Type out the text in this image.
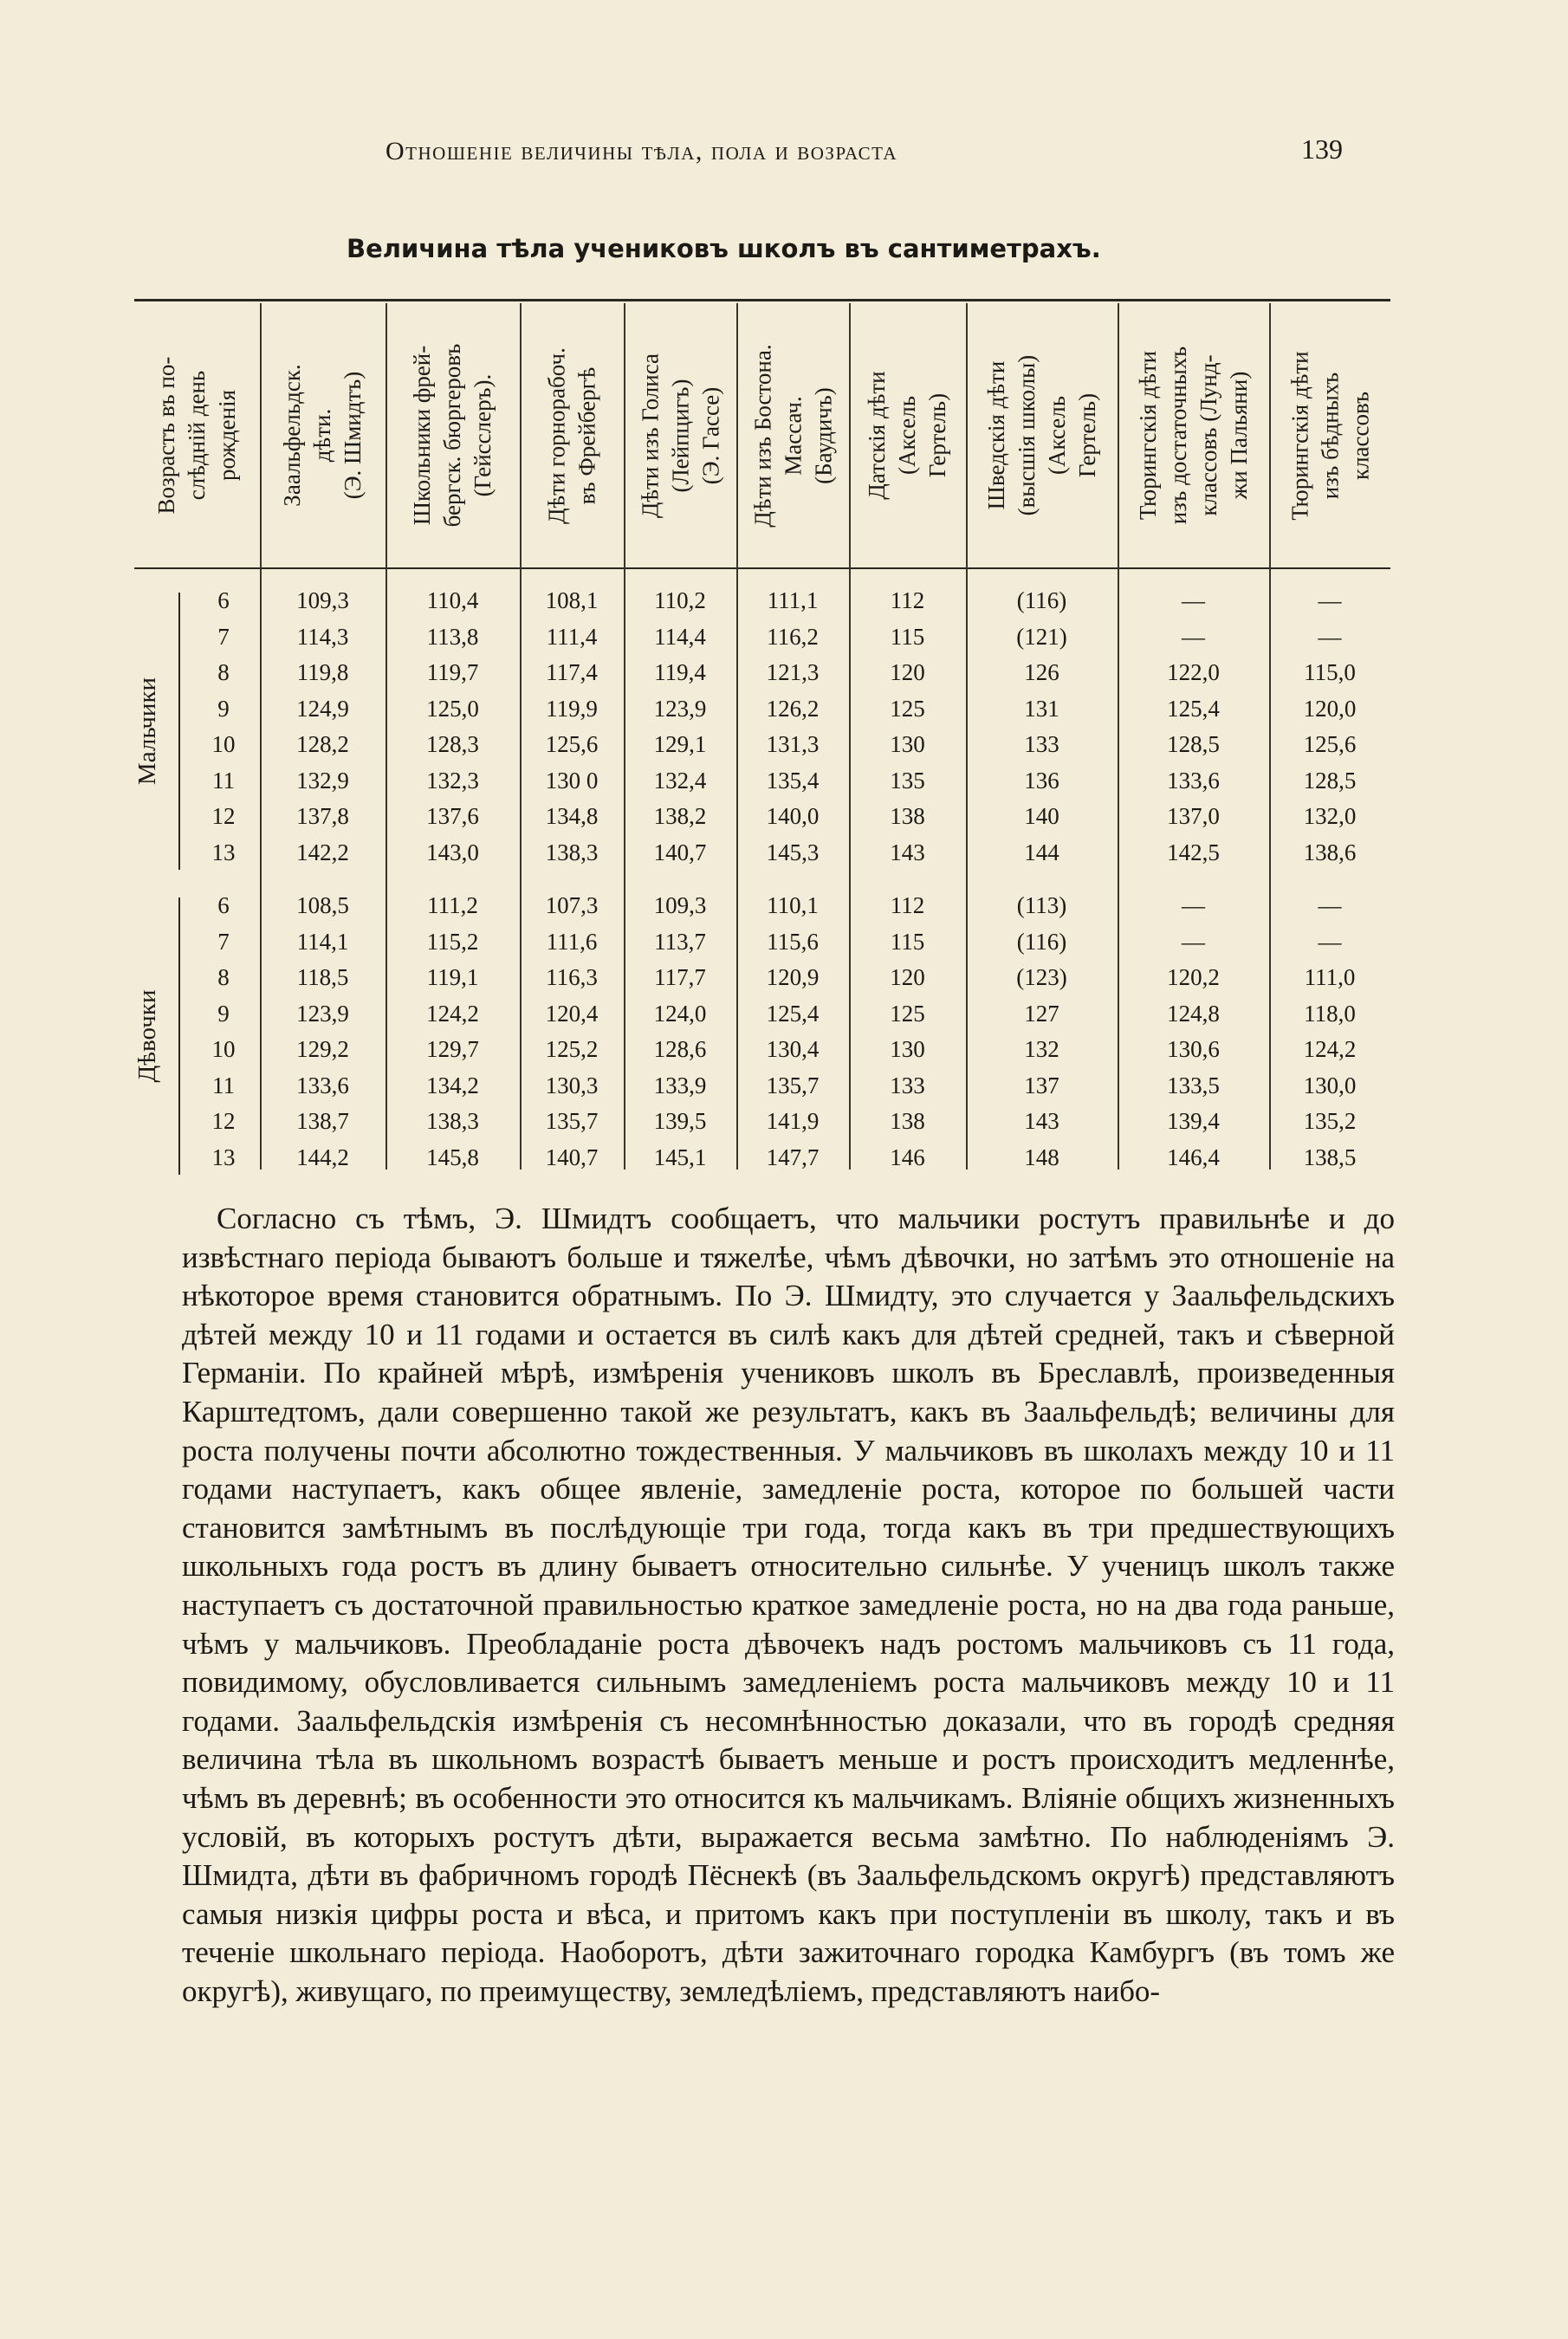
Отношеніе величины тѣла, пола и возраста	139
Величина тѣла учениковъ школъ въ сантиметрахъ.
Возрастъ въ по-
слѣдній день
рожденія	Заальфельдск.
дѣти.
(Э. Шмидтъ)	Школьники фрей-
бергск. бюргеровъ
(Гейсслеръ).
Дѣти горнорабоч.
въ Фрейбергѣ
Дѣти изъ Голиса
(Лейпцигъ)
(Э. Гассе)
Дѣти изъ Бостона.
Массач.
(Баудичъ)	Датскія дѣти
(Аксель
Гертель)	Шведскія дѣти
(высшія школы)
(Аксель
Гертель)	Тюрингскія дѣти
изъ достаточныхъ
классовъ (Лунд-
жи Пальяни)	Тюрингскія дѣти
изъ бѣдныхъ
классовъ
Мальчики
6	109,3	110,4	108,1	110,2	111,1	112	(116)	—	—
7	114,3	113,8	111,4	114,4	116,2	115	(121)	—	—
8	119,8	119,7	117,4	119,4	121,3	120	126	122,0	115,0
9	124,9	125,0	119,9	123,9	126,2	125	131	125,4	120,0
10	128,2	128,3	125,6	129,1	131,3	130	133	128,5	125,6
11	132,9	132,3	130 0	132,4	135,4	135	136	133,6	128,5
12	137,8	137,6	134,8	138,2	140,0	138	140	137,0	132,0
13	142,2	143,0	138,3	140,7	145,3	143	144	142,5	138,6
Дѣвочки
6	108,5	111,2	107,3	109,3	110,1	112	(113)	—	—
7	114,1	115,2	111,6	113,7	115,6	115	(116)	—	—
8	118,5	119,1	116,3	117,7	120,9	120	(123)	120,2	111,0
9	123,9	124,2	120,4	124,0	125,4	125	127	124,8	118,0
10	129,2	129,7	125,2	128,6	130,4	130	132	130,6	124,2
11	133,6	134,2	130,3	133,9	135,7	133	137	133,5	130,0
12	138,7	138,3	135,7	139,5	141,9	138	143	139,4	135,2
13	144,2	145,8	140,7	145,1	147,7	146	148	146,4	138,5
Согласно съ тѣмъ, Э. Шмидтъ сообщаетъ, что мальчики ростутъ правильнѣе и до извѣстнаго періода бываютъ больше и тяжелѣе, чѣмъ дѣвочки, но затѣмъ это отношеніе на нѣкоторое время становится обратнымъ. По Э. Шмидту, это случается у Заальфельдскихъ дѣтей между 10 и 11 годами и остается въ силѣ какъ для дѣтей средней, такъ и сѣверной Германіи. По крайней мѣрѣ, измѣренія учениковъ школъ въ Бреславлѣ, произведенныя Карштедтомъ, дали совершенно такой же результатъ, какъ въ Заальфельдѣ; величины для роста получены почти абсолютно тождественныя. У мальчиковъ въ школахъ между 10 и 11 годами наступаетъ, какъ общее явленіе, замедленіе роста, которое по большей части становится замѣтнымъ въ послѣдующіе три года, тогда какъ въ три предшествующихъ школьныхъ года ростъ въ длину бываетъ относительно сильнѣе. У ученицъ школъ также наступаетъ съ достаточной правильностью краткое замедленіе роста, но на два года раньше, чѣмъ у мальчиковъ. Преобладаніе роста дѣвочекъ надъ ростомъ мальчиковъ съ 11 года, повидимому, обусловливается сильнымъ замедленіемъ роста мальчиковъ между 10 и 11 годами. Заальфельдскія измѣренія съ несомнѣнностью доказали, что въ городѣ средняя величина тѣла въ школьномъ возрастѣ бываетъ меньше и ростъ происходитъ медленнѣе, чѣмъ въ деревнѣ; въ особенности это относится къ мальчикамъ. Вліяніе общихъ жизненныхъ условій, въ которыхъ ростутъ дѣти, выражается весьма замѣтно. По наблюденіямъ Э. Шмидта, дѣти въ фабричномъ городѣ Пёснекѣ (въ Заальфельдскомъ округѣ) представляютъ самыя низкія цифры роста и вѣса, и притомъ какъ при поступленіи въ школу, такъ и въ теченіе школьнаго періода. Наоборотъ, дѣти зажиточнаго городка Камбургъ (въ томъ же округѣ), живущаго, по преимуществу, земледѣліемъ, представляютъ наибо-
